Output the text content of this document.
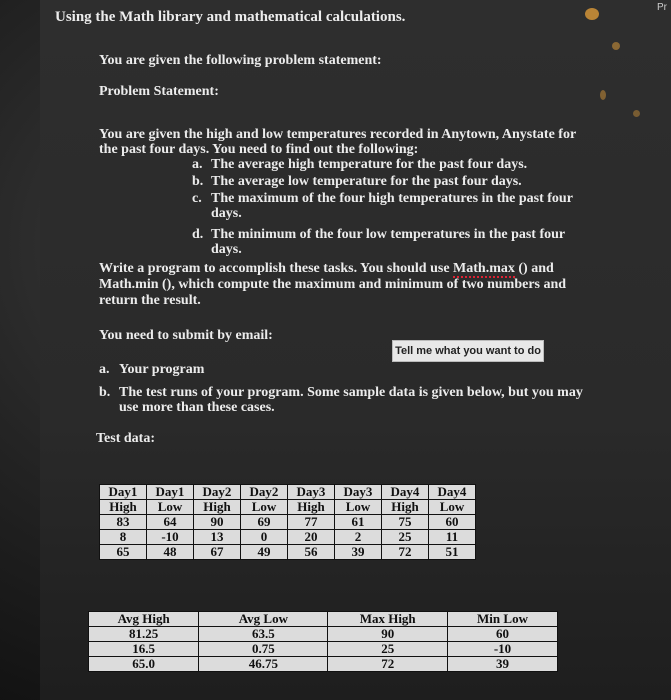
Pr
Using the Math library and mathematical calculations.
You are given the following problem statement:
Problem Statement:
You are given the high and low temperatures recorded in Anytown, Anystate for
the past four days. You need to find out the following:
a. The average high temperature for the past four days.
b. The average low temperature for the past four days.
c. The maximum of the four high temperatures in the past four
days.
d. The minimum of the four low temperatures in the past four
days.
Write a program to accomplish these tasks. You should use Math.max () and
Math.min (), which compute the maximum and minimum of two numbers and
return the result.
You need to submit by email:
Tell me what you want to do
a. Your program
b. The test runs of your program. Some sample data is given below, but you may
use more than these cases.
Test data:
Day1	Day1	Day2	Day2	Day3	Day3	Day4	Day4
High	Low	High	Low	High	Low	High	Low
83	64	90	69	77	61	75	60
8	-10	13	0	20	2	25	11
65	48	67	49	56	39	72	51
Avg High	Avg Low	Max High	Min Low
81.25	63.5	90	60
16.5	0.75	25	-10
65.0	46.75	72	39
